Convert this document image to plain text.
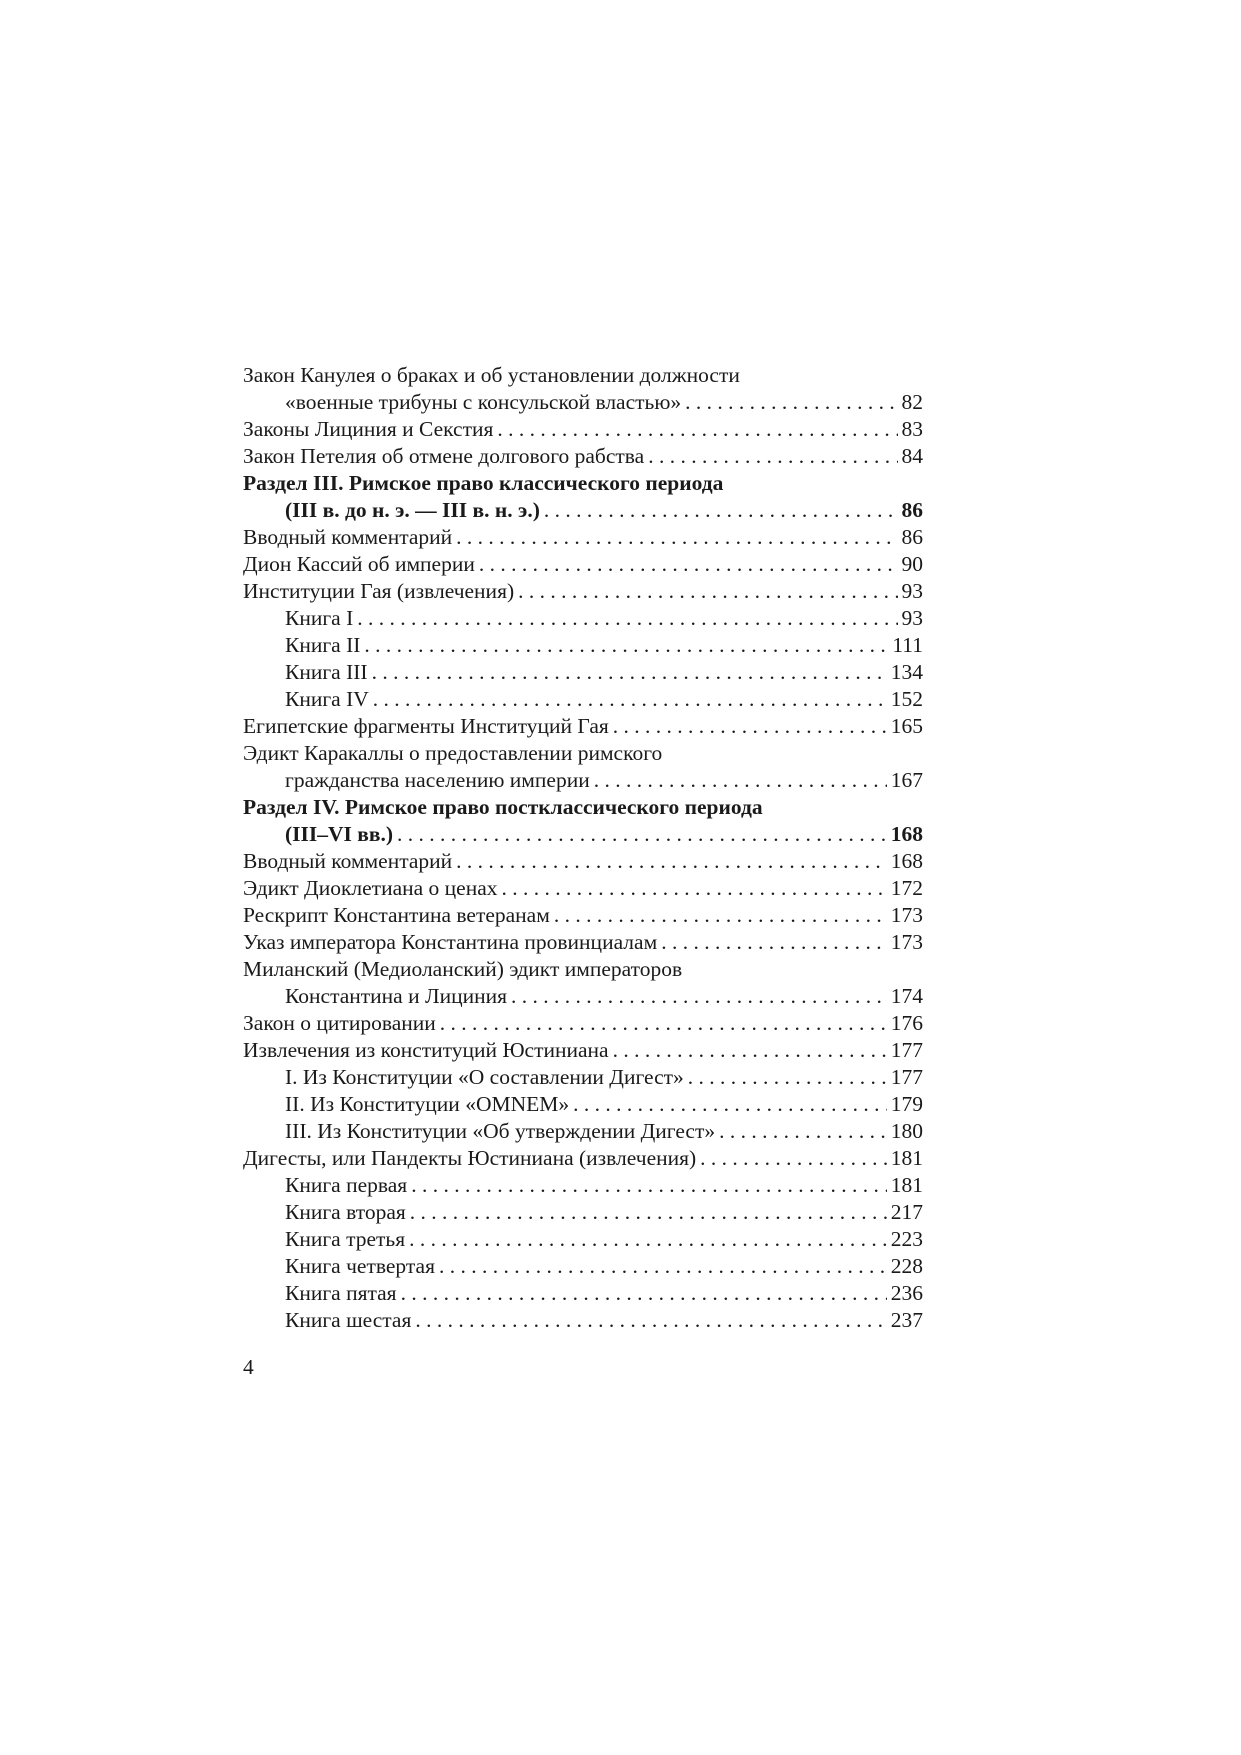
Закон Канулея о браках и об установлении должности
«военные трибуны с консульской властью» . . .	82
Законы Лициния и Секстия . . .	83
Закон Петелия об отмене долгового рабства . . .	84
Раздел III. Римское право классического периода
(III в. до н. э. — III в. н. э.) . . .	86
Вводный комментарий . . .	86
Дион Кассий об империи . . .	90
Институции Гая (извлечения) . . .	93
Книга I . . .	93
Книга II . . .	111
Книга III . . .	134
Книга IV . . .	152
Египетские фрагменты Институций Гая . . .	165
Эдикт Каракаллы о предоставлении римского
гражданства населению империи . . .	167
Раздел IV. Римское право постклассического периода
(III–VI вв.) . . .	168
Вводный комментарий . . .	168
Эдикт Диоклетиана о ценах . . .	172
Рескрипт Константина ветеранам . . .	173
Указ императора Константина провинциалам . . .	173
Миланский (Медиоланский) эдикт императоров
Константина и Лициния . . .	174
Закон о цитировании . . .	176
Извлечения из конституций Юстиниана . . .	177
I. Из Конституции «О составлении Дигест» . . .	177
II. Из Конституции «OMNEM» . . .	179
III. Из Конституции «Об утверждении Дигест» . . .	180
Дигесты, или Пандекты Юстиниана (извлечения) . . .	181
Книга первая . . .	181
Книга вторая . . .	217
Книга третья . . .	223
Книга четвертая . . .	228
Книга пятая . . .	236
Книга шестая . . .	237
4
